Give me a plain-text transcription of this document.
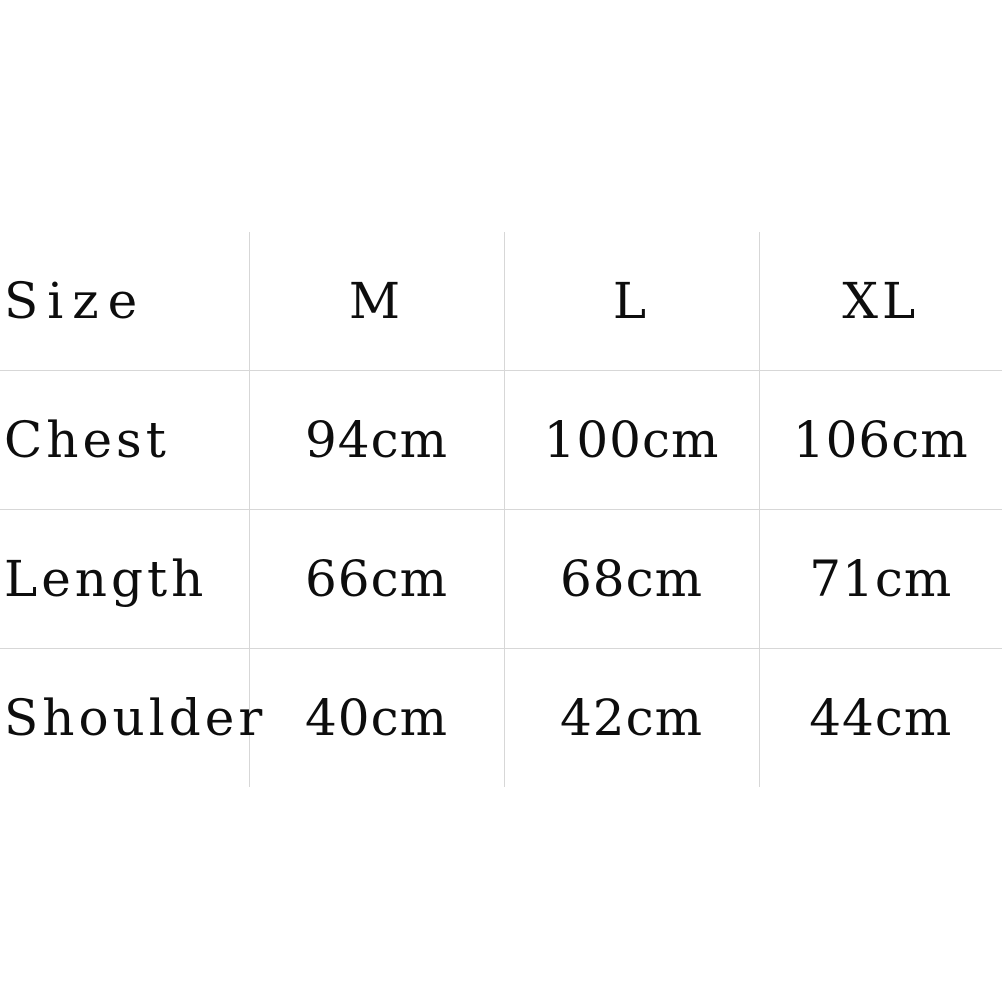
Size	M	L	XL
Chest	94cm	100cm	106cm
Length	66cm	68cm	71cm
Shoulder	40cm	42cm	44cm
